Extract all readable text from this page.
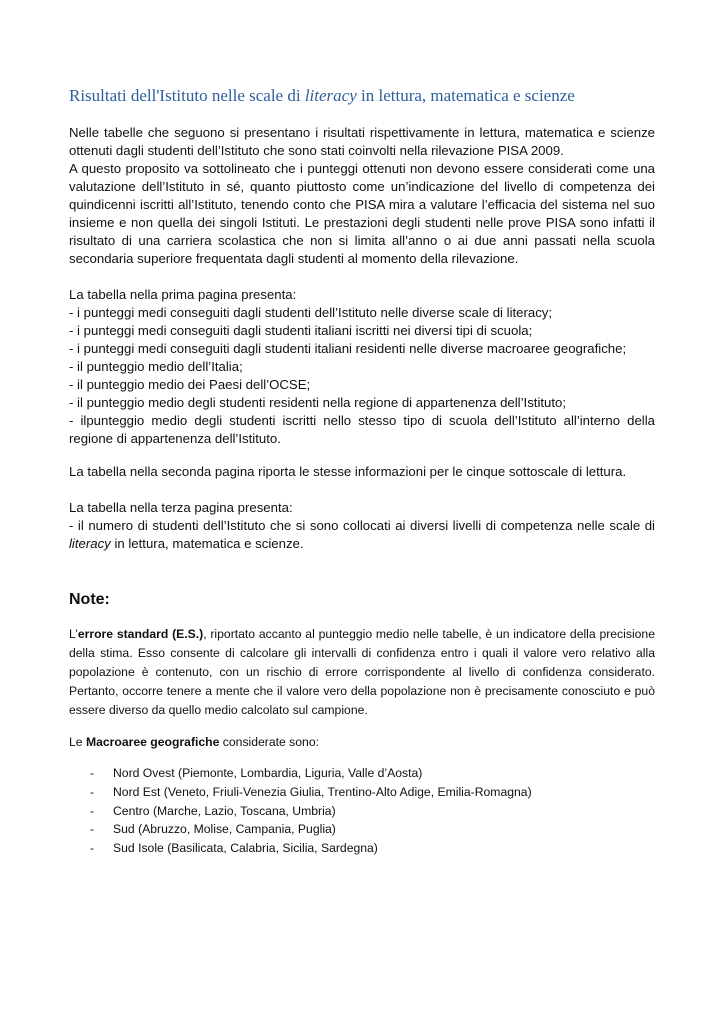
Risultati dell'Istituto nelle scale di literacy in lettura, matematica e scienze

Nelle tabelle che seguono si presentano i risultati rispettivamente in lettura, matematica e scienze ottenuti dagli studenti dell’Istituto che sono stati coinvolti nella rilevazione PISA 2009.

A questo proposito va sottolineato che i punteggi ottenuti non devono essere considerati come una valutazione dell’Istituto in sé, quanto piuttosto come un’indicazione del livello di competenza dei quindicenni iscritti all’Istituto, tenendo conto che PISA mira a valutare l’efficacia del sistema nel suo insieme e non quella dei singoli Istituti. Le prestazioni degli studenti nelle prove PISA sono infatti il risultato di una carriera scolastica che non si limita all’anno o ai due anni passati nella scuola secondaria superiore frequentata dagli studenti al momento della rilevazione.

La tabella nella prima pagina presenta:
- i punteggi medi conseguiti dagli studenti dell’Istituto nelle diverse scale di literacy;
- i punteggi medi conseguiti dagli studenti italiani iscritti nei diversi tipi di scuola;
- i punteggi medi conseguiti dagli studenti italiani residenti nelle diverse macroaree geografiche;
- il punteggio medio dell’Italia;
- il punteggio medio dei Paesi dell’OCSE;
- il punteggio medio degli studenti residenti nella regione di appartenenza dell’Istituto;
- ilpunteggio medio degli studenti iscritti nello stesso tipo di scuola dell’Istituto all’interno della regione di appartenenza dell’Istituto.

La tabella nella seconda pagina riporta le stesse informazioni per le cinque sottoscale di lettura.

La tabella nella terza pagina presenta:
- il numero di studenti dell’Istituto che si sono collocati ai diversi livelli di competenza nelle scale di literacy in lettura, matematica e scienze.
Note:

L’errore standard (E.S.), riportato accanto al punteggio medio nelle tabelle, è un indicatore della precisione della stima. Esso consente di calcolare gli intervalli di confidenza entro i quali il valore vero relativo alla popolazione è contenuto, con un rischio di errore corrispondente al livello di confidenza considerato. Pertanto, occorre tenere a mente che il valore vero della popolazione non è precisamente conosciuto e può essere diverso da quello medio calcolato sul campione.

Le Macroaree geografiche considerate sono:

-	Nord Ovest (Piemonte, Lombardia, Liguria, Valle d’Aosta)
-	Nord Est (Veneto, Friuli-Venezia Giulia, Trentino-Alto Adige, Emilia-Romagna)
-	Centro (Marche, Lazio, Toscana, Umbria)
-	Sud (Abruzzo, Molise, Campania, Puglia)
-	Sud Isole (Basilicata, Calabria, Sicilia, Sardegna)
